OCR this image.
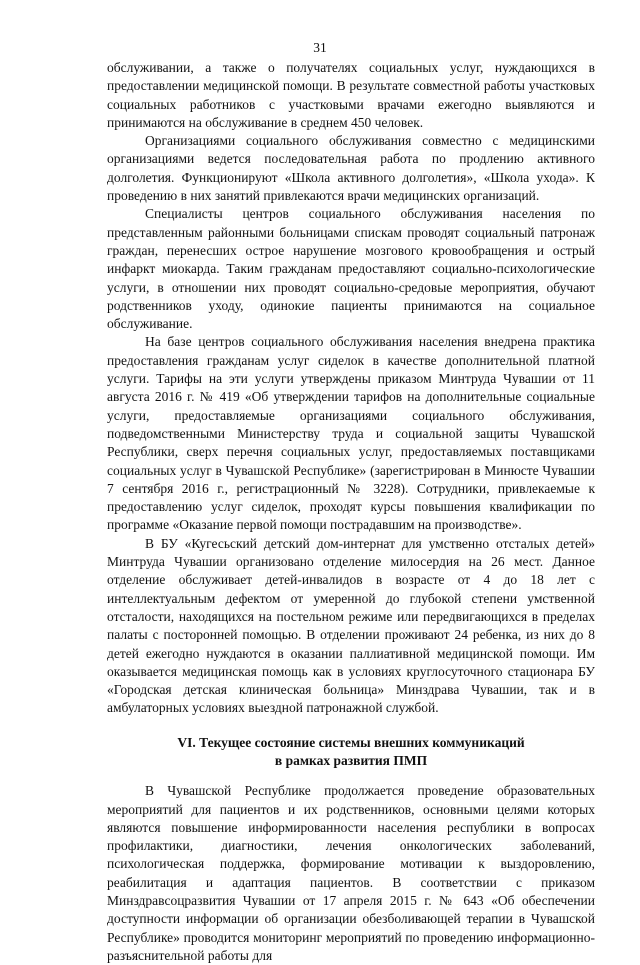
31

обслуживании, а также о получателях социальных услуг, нуждающихся в предоставлении медицинской помощи. В результате совместной работы участковых социальных работников с участковыми врачами ежегодно выявляются и принимаются на обслуживание в среднем 450 человек.

Организациями социального обслуживания совместно с медицинскими организациями ведется последовательная работа по продлению активного долголетия. Функционируют «Школа активного долголетия», «Школа ухода». К проведению в них занятий привлекаются врачи медицинских организаций.

Специалисты центров социального обслуживания населения по представленным районными больницами спискам проводят социальный патронаж граждан, перенесших острое нарушение мозгового кровообращения и острый инфаркт миокарда. Таким гражданам предоставляют социально-психологические услуги, в отношении них проводят социально-средовые мероприятия, обучают родственников уходу, одинокие пациенты принимаются на социальное обслуживание.

На базе центров социального обслуживания населения внедрена практика предоставления гражданам услуг сиделок в качестве дополнительной платной услуги. Тарифы на эти услуги утверждены приказом Минтруда Чувашии от 11 августа 2016 г. № 419 «Об утверждении тарифов на дополнительные социальные услуги, предоставляемые организациями социального обслуживания, подведомственными Министерству труда и социальной защиты Чувашской Республики, сверх перечня социальных услуг, предоставляемых поставщиками социальных услуг в Чувашской Республике» (зарегистрирован в Минюсте Чувашии 7 сентября 2016 г., регистрационный № 3228). Сотрудники, привлекаемые к предоставлению услуг сиделок, проходят курсы повышения квалификации по программе «Оказание первой помощи пострадавшим на производстве».

В БУ «Кугесьский детский дом-интернат для умственно отсталых детей» Минтруда Чувашии организовано отделение милосердия на 26 мест. Данное отделение обслуживает детей-инвалидов в возрасте от 4 до 18 лет с интеллектуальным дефектом от умеренной до глубокой степени умственной отсталости, находящихся на постельном режиме или передвигающихся в пределах палаты с посторонней помощью. В отделении проживают 24 ребенка, из них до 8 детей ежегодно нуждаются в оказании паллиативной медицинской помощи. Им оказывается медицинская помощь как в условиях круглосуточного стационара БУ «Городская детская клиническая больница» Минздрава Чувашии, так и в амбулаторных условиях выездной патронажной службой.

VI. Текущее состояние системы внешних коммуникаций
в рамках развития ПМП

В Чувашской Республике продолжается проведение образовательных мероприятий для пациентов и их родственников, основными целями которых являются повышение информированности населения республики в вопросах профилактики, диагностики, лечения онкологических заболеваний, психологическая поддержка, формирование мотивации к выздоровлению, реабилитация и адаптация пациентов. В соответствии с приказом Минздравсоцразвития Чувашии от 17 апреля 2015 г. № 643 «Об обеспечении доступности информации об организации обезболивающей терапии в Чувашской Республике» проводится мониторинг мероприятий по проведению информационно-разъяснительной работы для
